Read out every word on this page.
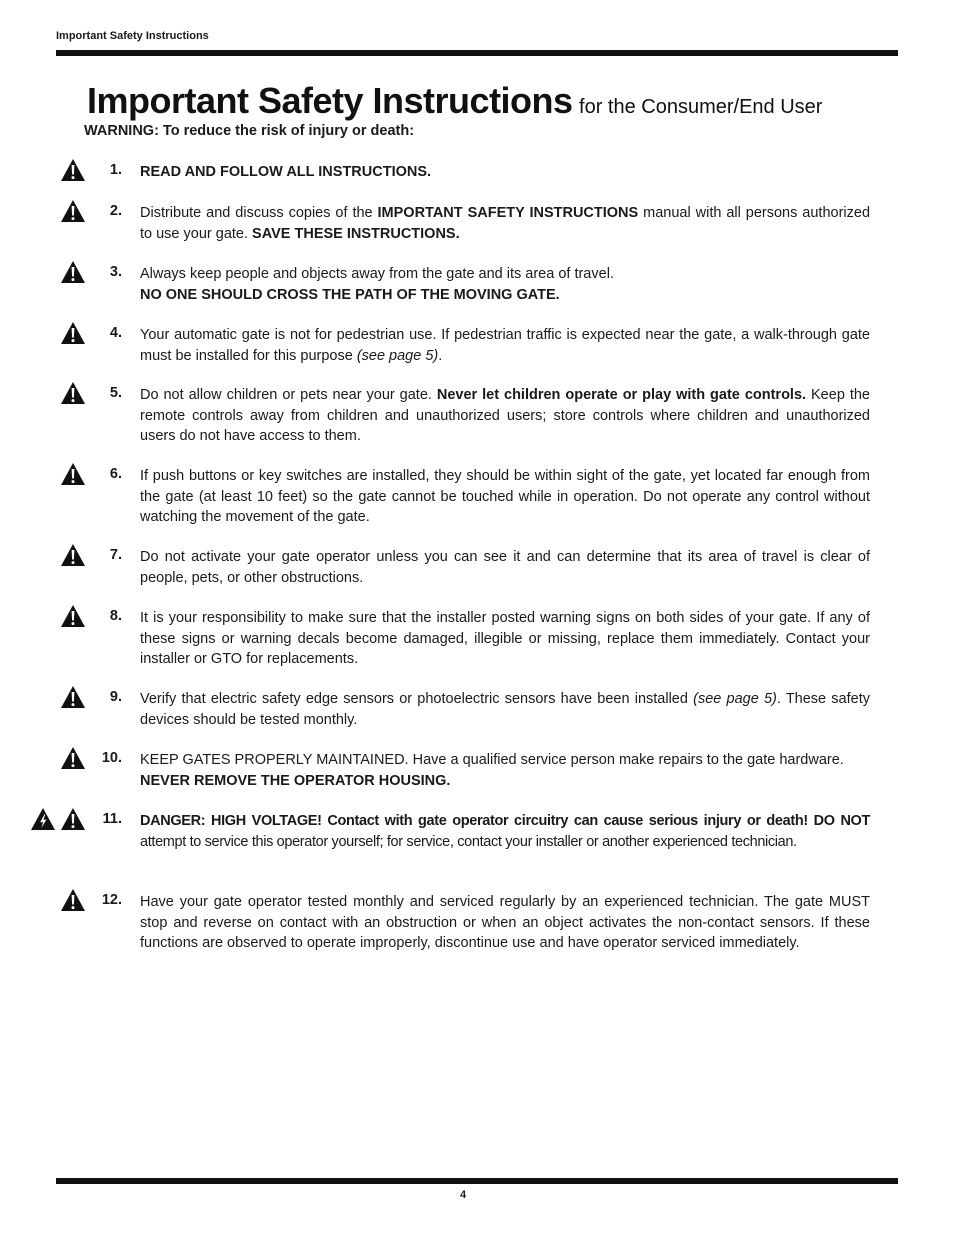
Important Safety Instructions
Important Safety Instructions for the Consumer/End User
WARNING: To reduce the risk of injury or death:
1. READ AND FOLLOW ALL INSTRUCTIONS.
2. Distribute and discuss copies of the IMPORTANT SAFETY INSTRUCTIONS manual with all persons authorized to use your gate. SAVE THESE INSTRUCTIONS.
3. Always keep people and objects away from the gate and its area of travel.
NO ONE SHOULD CROSS THE PATH OF THE MOVING GATE.
4. Your automatic gate is not for pedestrian use. If pedestrian traffic is expected near the gate, a walk-through gate must be installed for this purpose (see page 5).
5. Do not allow children or pets near your gate. Never let children operate or play with gate controls. Keep the remote controls away from children and unauthorized users; store controls where children and unauthorized users do not have access to them.
6. If push buttons or key switches are installed, they should be within sight of the gate, yet located far enough from the gate (at least 10 feet) so the gate cannot be touched while in operation. Do not operate any control without watching the movement of the gate.
7. Do not activate your gate operator unless you can see it and can determine that its area of travel is clear of people, pets, or other obstructions.
8. It is your responsibility to make sure that the installer posted warning signs on both sides of your gate. If any of these signs or warning decals become damaged, illegible or missing, replace them immediately. Contact your installer or GTO for replacements.
9. Verify that electric safety edge sensors or photoelectric sensors have been installed (see page 5). These safety devices should be tested monthly.
10. KEEP GATES PROPERLY MAINTAINED. Have a qualified service person make repairs to the gate hardware.
NEVER REMOVE THE OPERATOR HOUSING.
11. DANGER: HIGH VOLTAGE! Contact with gate operator circuitry can cause serious injury or death! DO NOT attempt to service this operator yourself; for service, contact your installer or another experienced technician.
12. Have your gate operator tested monthly and serviced regularly by an experienced technician. The gate MUST stop and reverse on contact with an obstruction or when an object activates the non-contact sensors. If these functions are observed to operate improperly, discontinue use and have operator serviced immediately.
4
